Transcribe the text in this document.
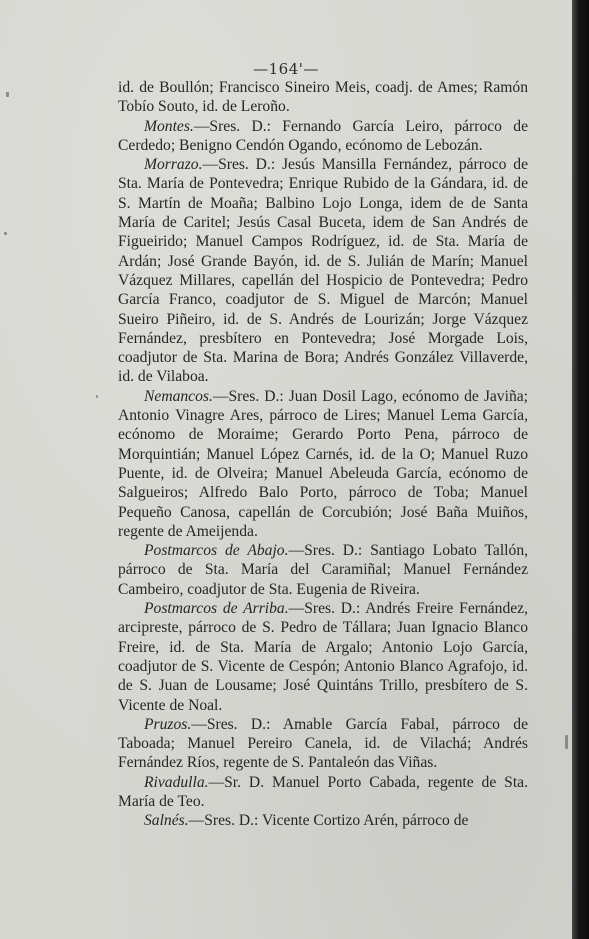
—164'—

id. de Boullón; Francisco Sineiro Meis, coadj. de Ames; Ramón Tobío Souto, id. de Leroño.

Montes.—Sres. D.: Fernando García Leiro, párroco de Cerdedo; Benigno Cendón Ogando, ecónomo de Lebozán.

Morrazo.—Sres. D.: Jesús Mansilla Fernández, párroco de Sta. María de Pontevedra; Enrique Rubido de la Gándara, id. de S. Martín de Moaña; Balbino Lojo Longa, idem de de Santa María de Caritel; Jesús Casal Buceta, idem de San Andrés de Figueirido; Manuel Campos Rodríguez, id. de Sta. María de Ardán; José Grande Bayón, id. de S. Julián de Marín; Manuel Vázquez Millares, capellán del Hospicio de Pontevedra; Pedro García Franco, coadjutor de S. Miguel de Marcón; Manuel Sueiro Piñeiro, id. de S. Andrés de Lourizán; Jorge Vázquez Fernández, presbítero en Pontevedra; José Morgade Lois, coadjutor de Sta. Marina de Bora; Andrés González Villaverde, id. de Vilaboa.

Nemancos.—Sres. D.: Juan Dosil Lago, ecónomo de Javiña; Antonio Vinagre Ares, párroco de Lires; Manuel Lema García, ecónomo de Moraime; Gerardo Porto Pena, párroco de Morquintián; Manuel López Carnés, id. de la O; Manuel Ruzo Puente, id. de Olveira; Manuel Abeleuda García, ecónomo de Salgueiros; Alfredo Balo Porto, párroco de Toba; Manuel Pequeño Canosa, capellán de Corcubión; José Baña Muiños, regente de Ameijenda.

Postmarcos de Abajo.—Sres. D.: Santiago Lobato Tallón, párroco de Sta. María del Caramiñal; Manuel Fernández Cambeiro, coadjutor de Sta. Eugenia de Riveira.

Postmarcos de Arriba.—Sres. D.: Andrés Freire Fernández, arcipreste, párroco de S. Pedro de Tállara; Juan Ignacio Blanco Freire, id. de Sta. María de Argalo; Antonio Lojo García, coadjutor de S. Vicente de Cespón; Antonio Blanco Agrafojo, id. de S. Juan de Lousame; José Quintáns Trillo, presbítero de S. Vicente de Noal.

Pruzos.—Sres. D.: Amable García Fabal, párroco de Taboada; Manuel Pereiro Canela, id. de Vilachá; Andrés Fernández Ríos, regente de S. Pantaleón das Viñas.

Rivadulla.—Sr. D. Manuel Porto Cabada, regente de Sta. María de Teo.

Salnés.—Sres. D.: Vicente Cortizo Arén, párroco de
